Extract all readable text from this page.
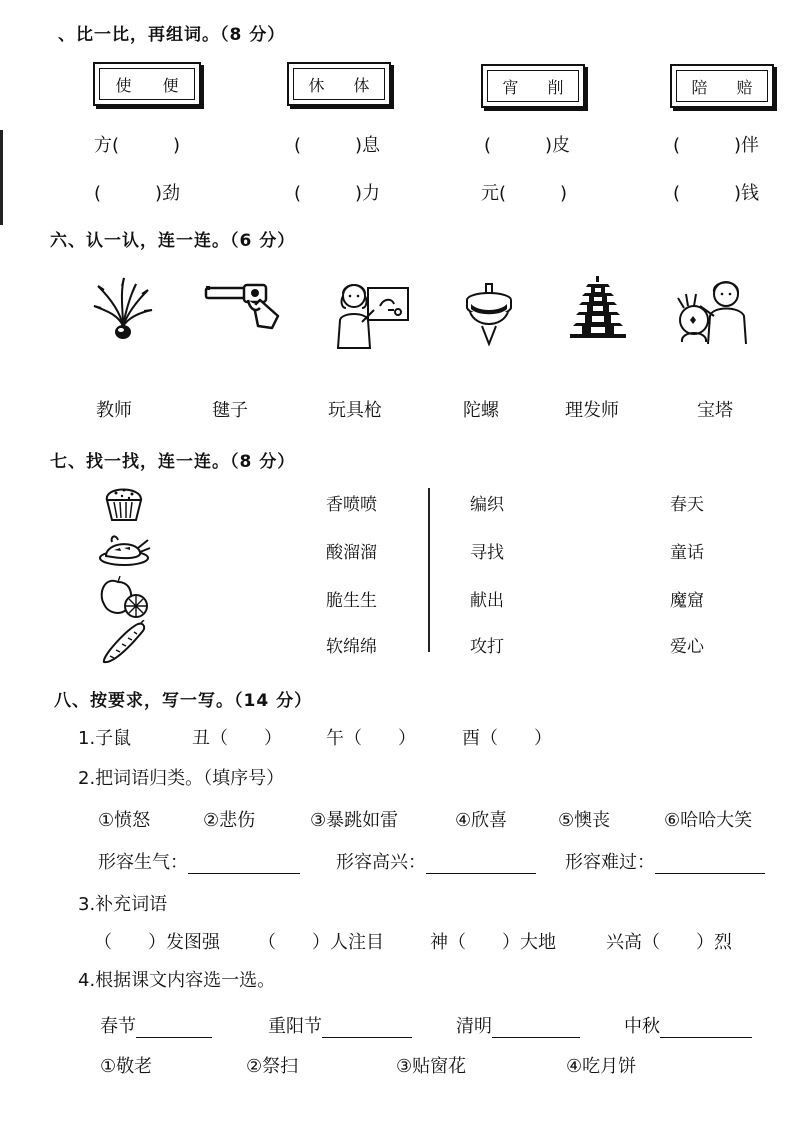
、比一比，再组词。（8 分）
使 便	休 体	宵 削	陪 赔
方(　　　)	(　　　)息	(　　　)皮	(　　　)伴
(　　　)劲	(　　　)力	元(　　　)	(　　　)钱
六、认一认，连一连。（6 分）
教师	毽子	玩具枪	陀螺	理发师	宝塔
七、找一找，连一连。（8 分）
香喷喷
酸溜溜
脆生生
软绵绵
编织
寻找
献出
攻打
春天
童话
魔窟
爱心
八、按要求，写一写。（14 分）
1.子鼠	丑（　　） 午（　　）	酉（　　）
2.把词语归类。（填序号）
①愤怒	②悲伤	③暴跳如雷	④欣喜	⑤懊丧	⑥哈哈大笑
形容生气：	形容高兴：	形容难过：
3.补充词语
（　　）发图强 （　　）人注目	神（　　）大地	兴高（　　）烈
4.根据课文内容选一选。
春节	重阳节	清明	中秋
①敬老	②祭扫	③贴窗花	④吃月饼
